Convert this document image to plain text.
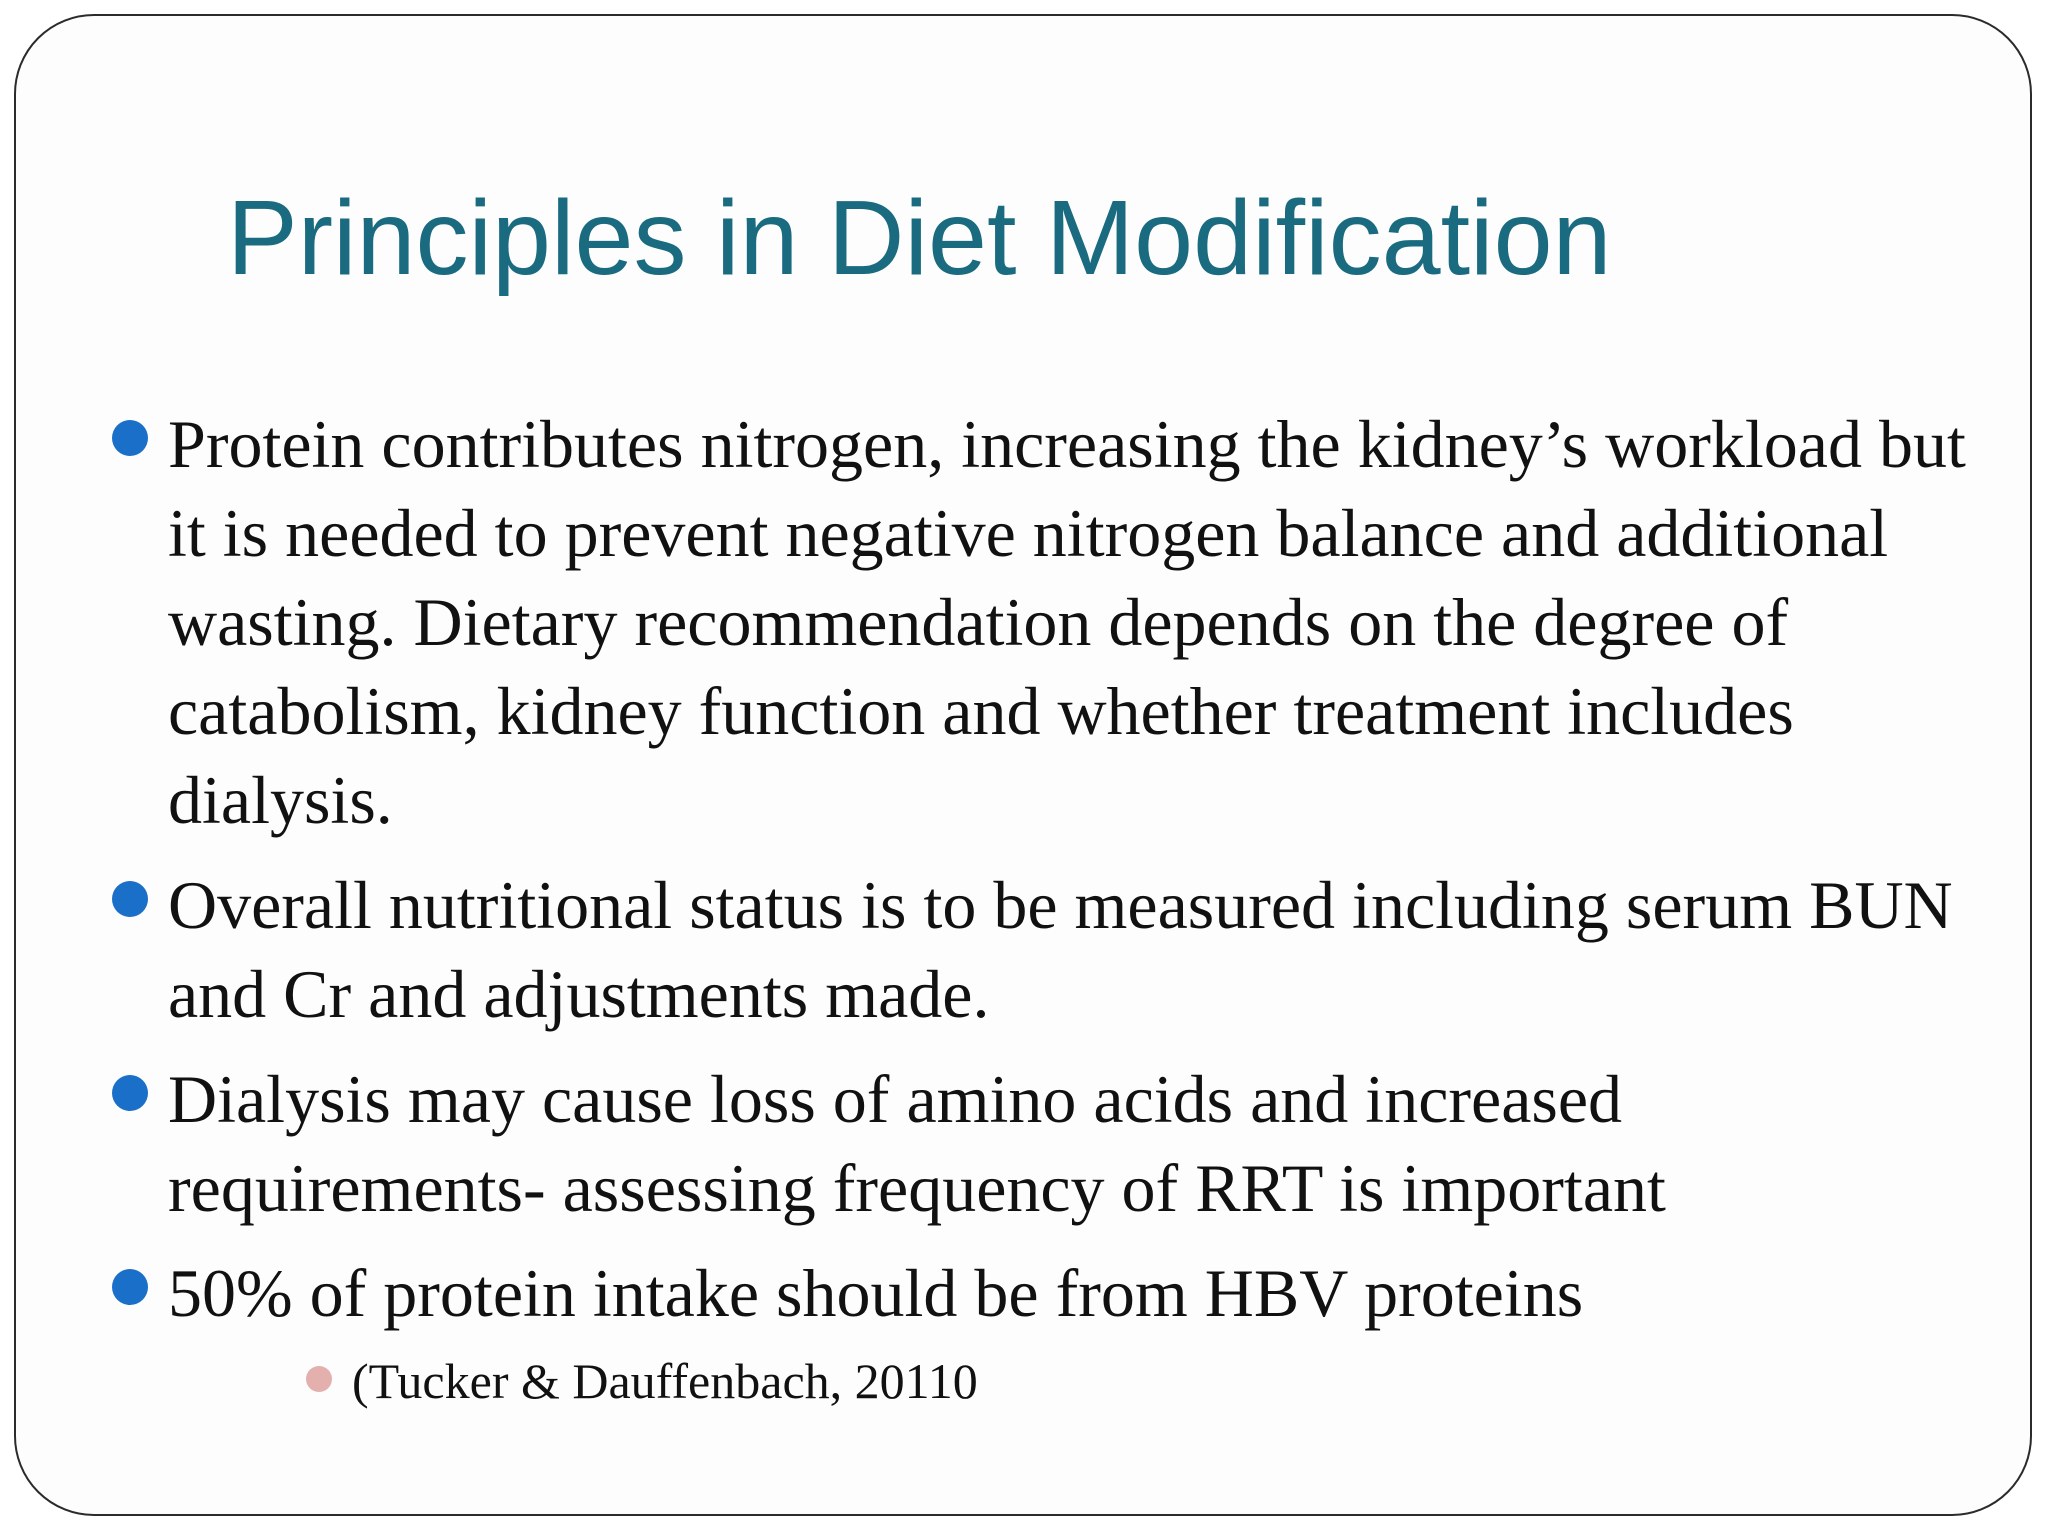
Principles in Diet Modification
Protein contributes nitrogen, increasing the kidney’s workload but it is needed to prevent negative nitrogen balance and additional wasting. Dietary recommendation depends on the degree of catabolism, kidney function and whether treatment includes dialysis.
Overall nutritional status is to be measured including serum BUN and Cr and adjustments made.
Dialysis may cause loss of amino acids and increased requirements- assessing frequency of RRT is important
50% of protein intake should be from HBV proteins
(Tucker & Dauffenbach, 20110
